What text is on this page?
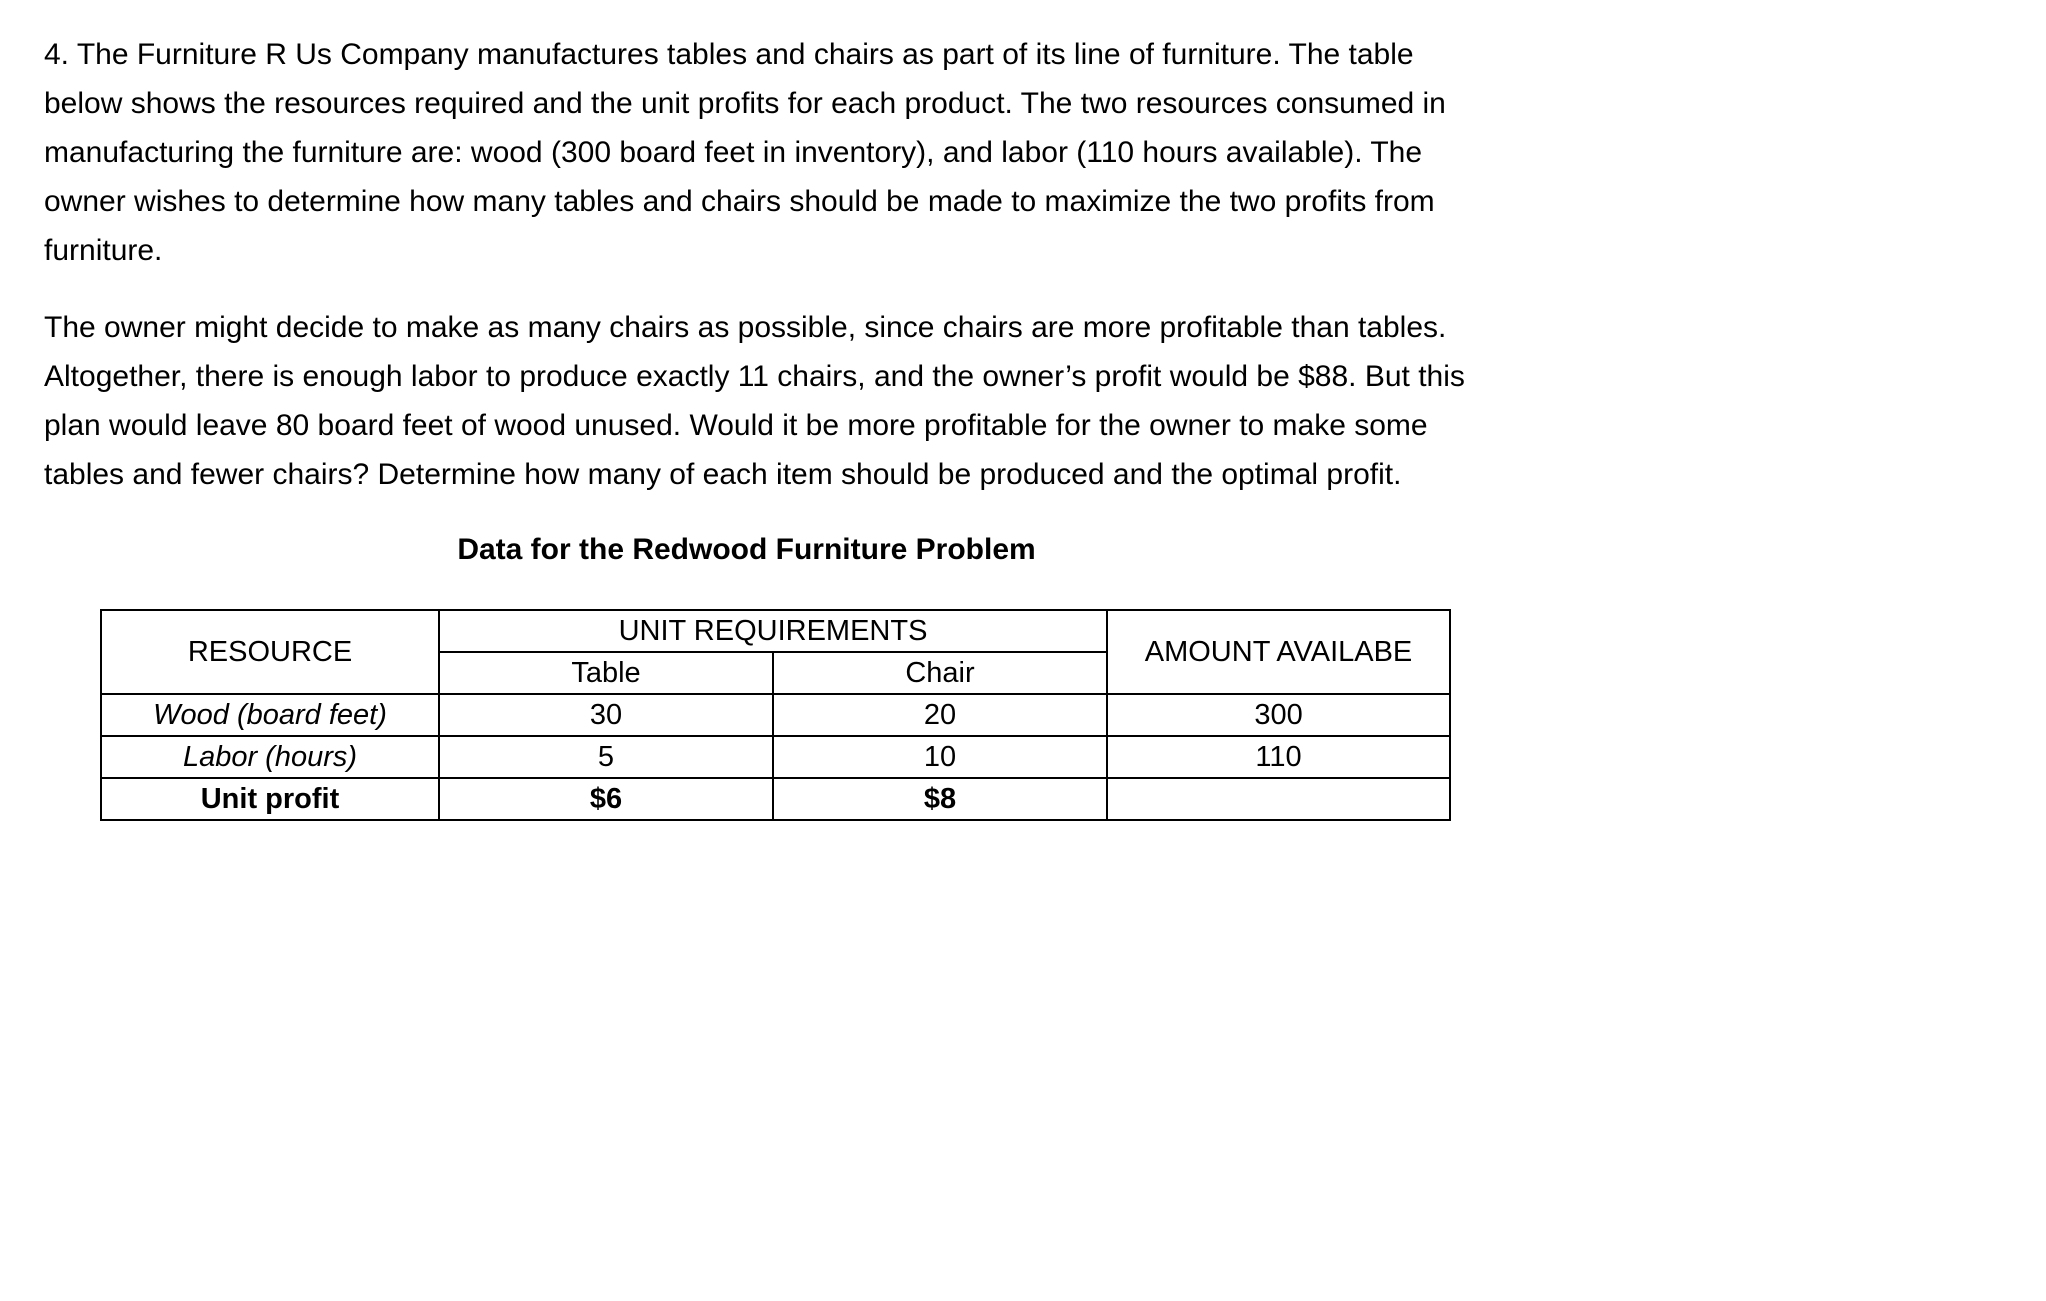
4. The Furniture R Us Company manufactures tables and chairs as part of its line of furniture. The table below shows the resources required and the unit profits for each product. The two resources consumed in manufacturing the furniture are: wood (300 board feet in inventory), and labor (110 hours available). The owner wishes to determine how many tables and chairs should be made to maximize the two profits from furniture.

The owner might decide to make as many chairs as possible, since chairs are more profitable than tables. Altogether, there is enough labor to produce exactly 11 chairs, and the owner’s profit would be $88. But this plan would leave 80 board feet of wood unused. Would it be more profitable for the owner to make some tables and fewer chairs? Determine how many of each item should be produced and the optimal profit.

Data for the Redwood Furniture Problem
RESOURCE	UNIT REQUIREMENTS		AMOUNT AVAILABE
	Table	Chair	
Wood (board feet)	30	20	300
Labor (hours)	5	10	110
Unit profit	$6	$8	
